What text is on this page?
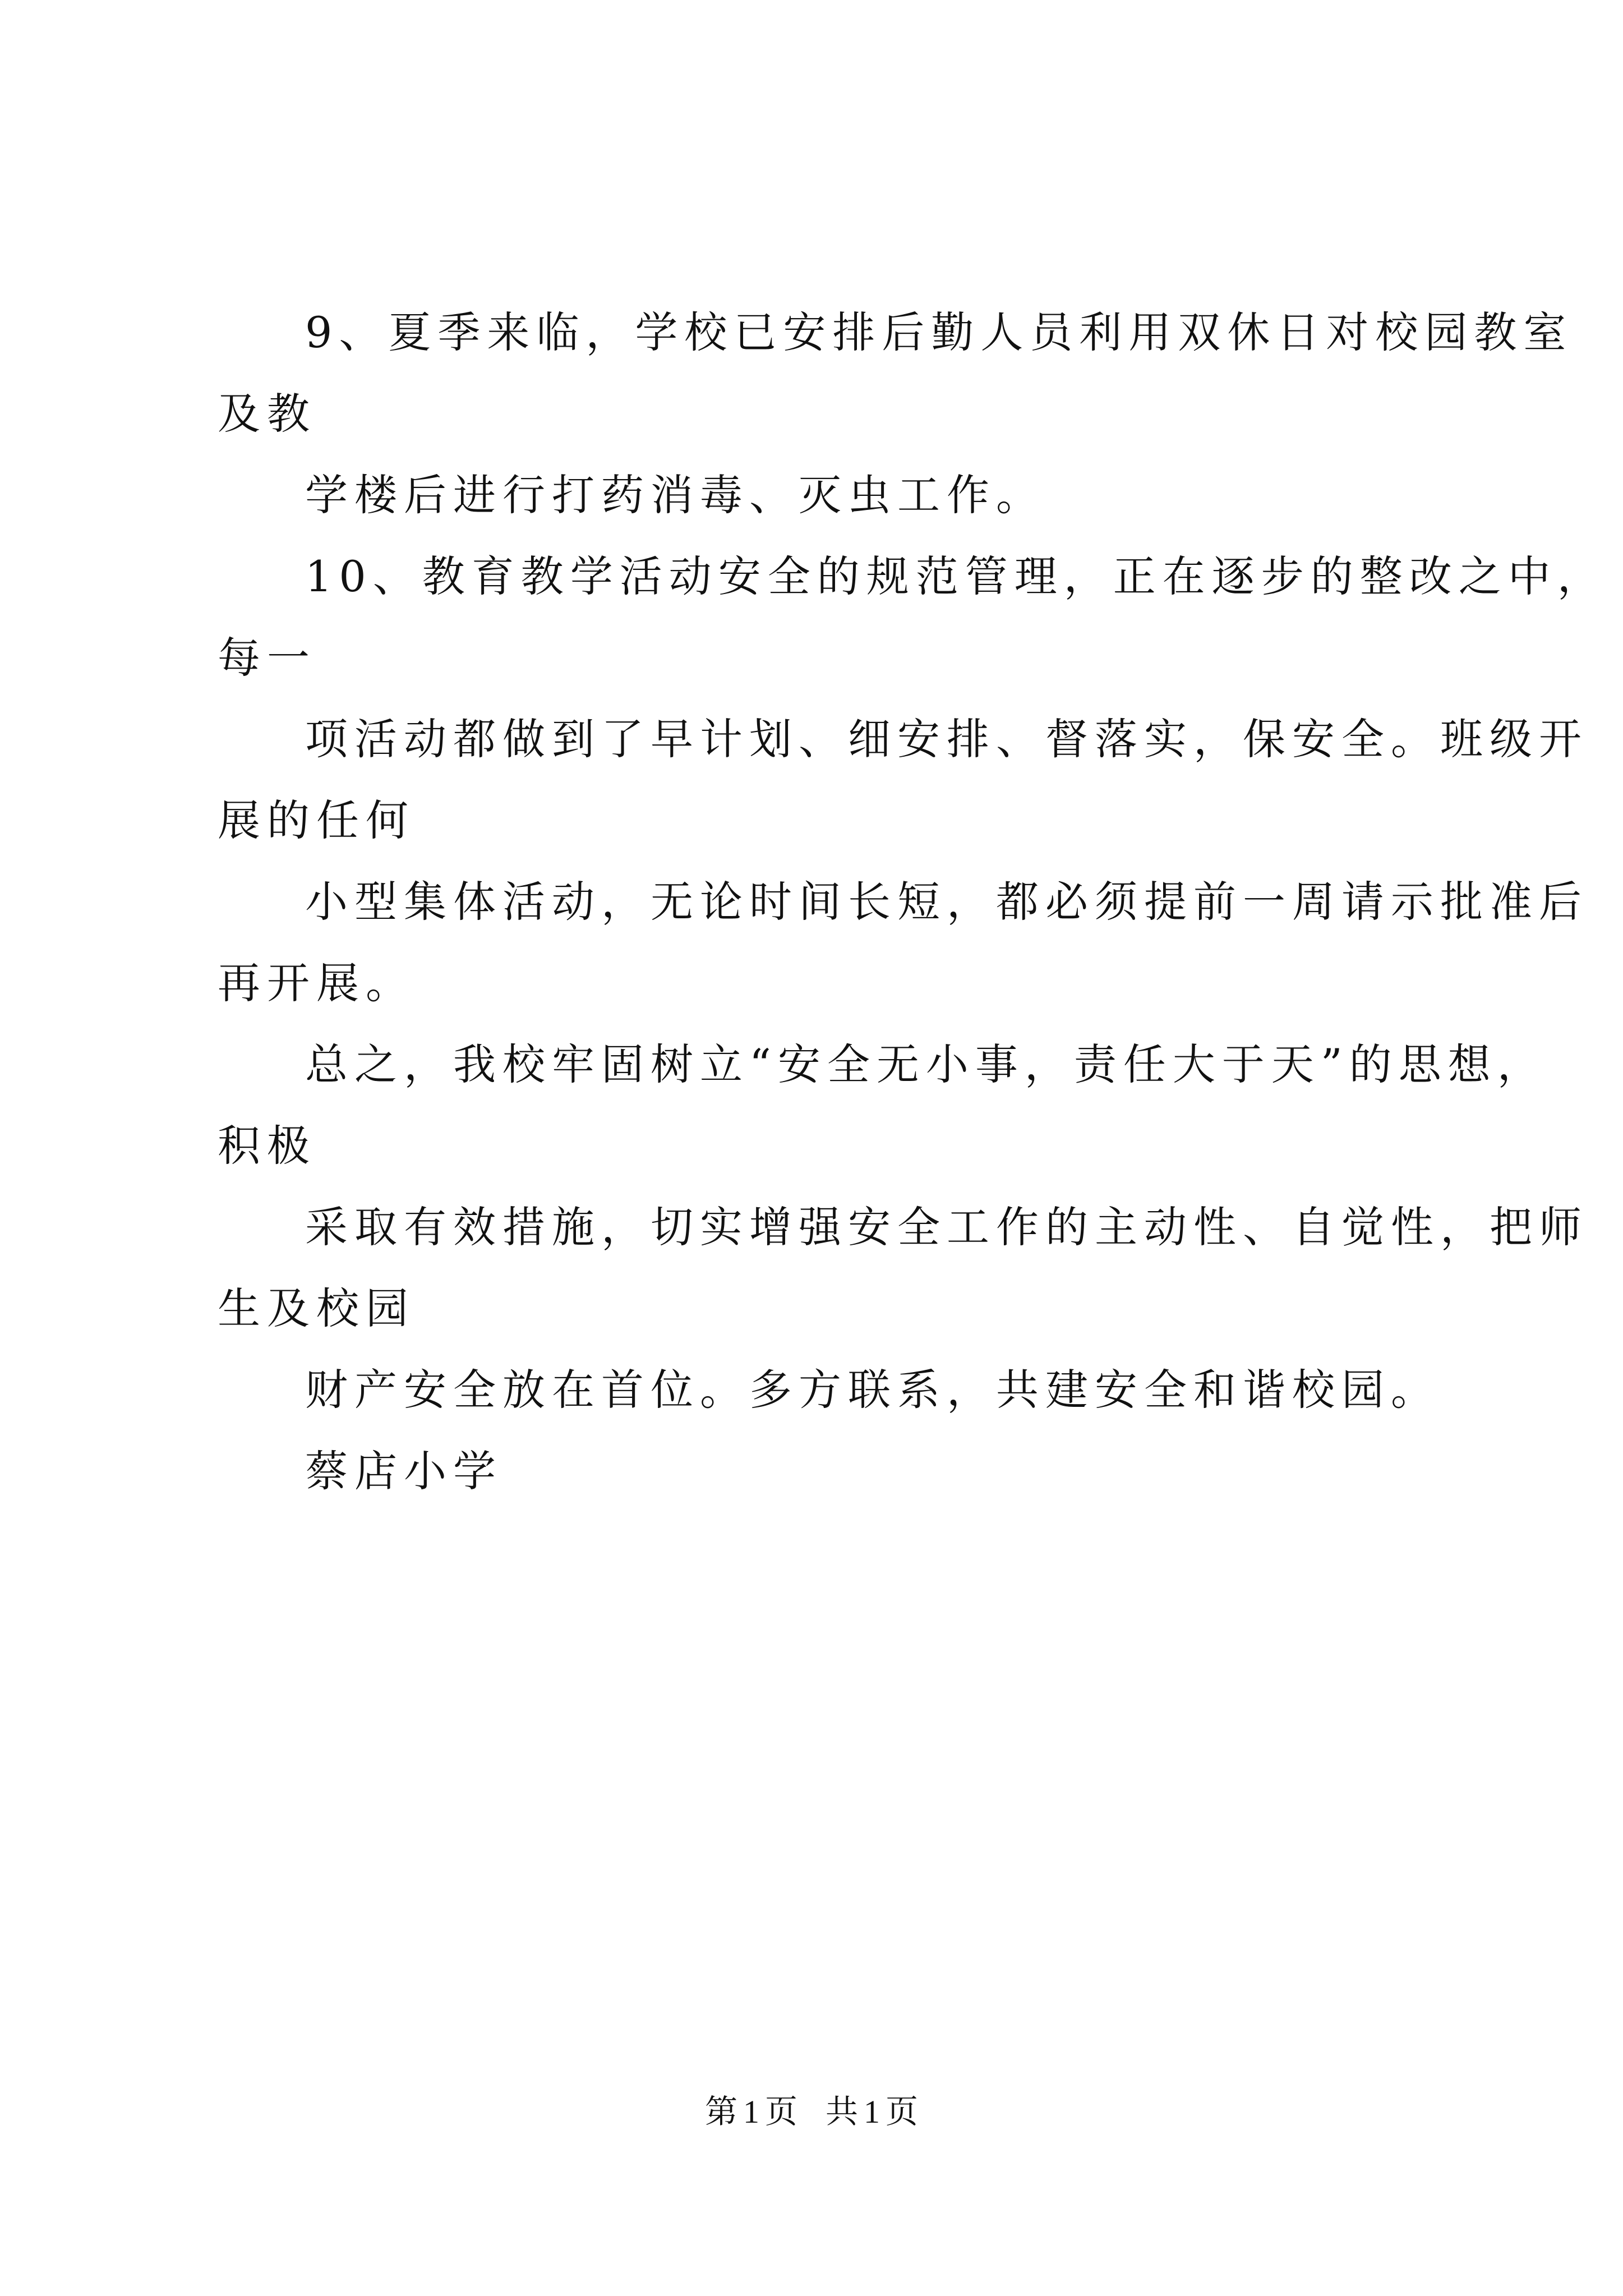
9、夏季来临，学校已安排后勤人员利用双休日对校园教室
及教
学楼后进行打药消毒、灭虫工作。
10、教育教学活动安全的规范管理，正在逐步的整改之中，
每一
项活动都做到了早计划、细安排、督落实，保安全。班级开
展的任何
小型集体活动，无论时间长短，都必须提前一周请示批准后
再开展。
总之，我校牢固树立“安全无小事，责任大于天”的思想，
积极
采取有效措施，切实增强安全工作的主动性、自觉性，把师
生及校园
财产安全放在首位。多方联系，共建安全和谐校园。
蔡店小学
第 1 页 共 1 页
